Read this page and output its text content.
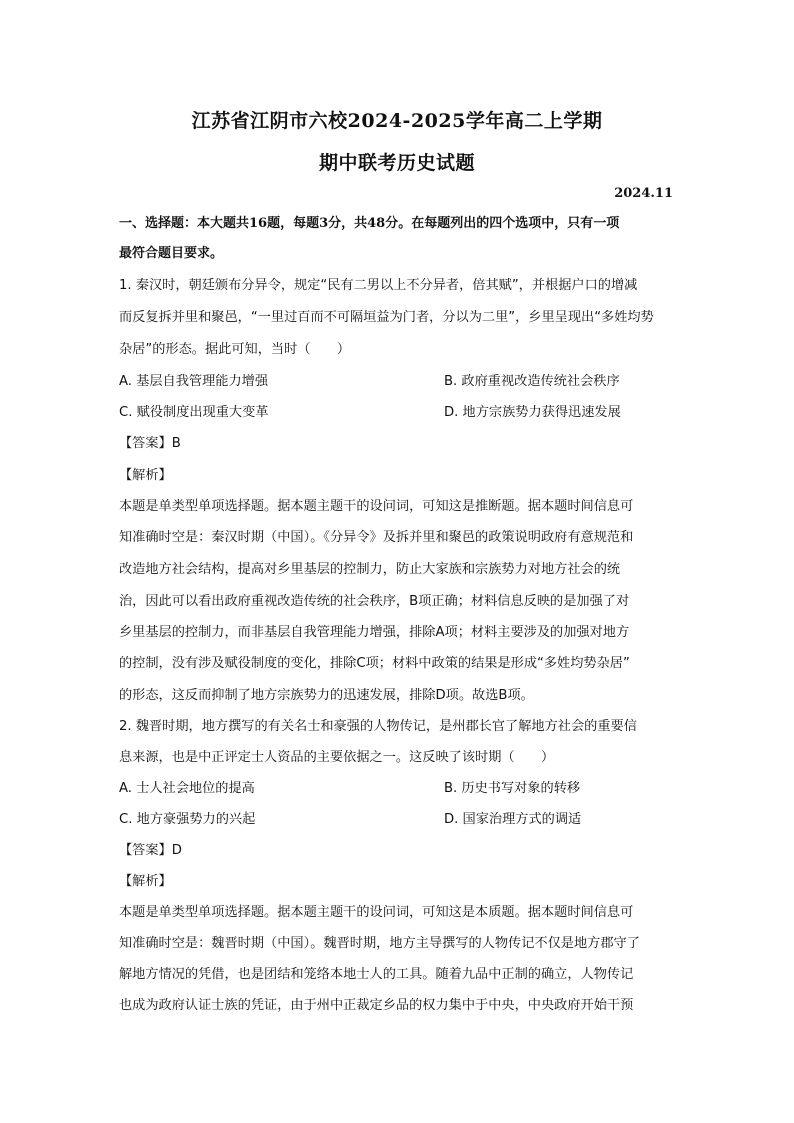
江苏省江阴市六校2024-2025学年高二上学期
期中联考历史试题
2024.11
一、选择题：本大题共16题，每题3分，共48分。在每题列出的四个选项中，只有一项
最符合题目要求。
1. 秦汉时，朝廷颁布分异令，规定“民有二男以上不分异者，倍其赋”，并根据户口的增减
而反复拆并里和聚邑，“一里过百而不可隔垣益为门者，分以为二里”，乡里呈现出“多姓均势
杂居”的形态。据此可知，当时（　　）
A. 基层自我管理能力增强	B. 政府重视改造传统社会秩序
C. 赋役制度出现重大变革	D. 地方宗族势力获得迅速发展
【答案】B
【解析】
本题是单类型单项选择题。据本题主题干的设问词，可知这是推断题。据本题时间信息可
知准确时空是：秦汉时期（中国）。《分异令》及拆并里和聚邑的政策说明政府有意规范和
改造地方社会结构，提高对乡里基层的控制力，防止大家族和宗族势力对地方社会的统
治，因此可以看出政府重视改造传统的社会秩序，B项正确；材料信息反映的是加强了对
乡里基层的控制力，而非基层自我管理能力增强，排除A项；材料主要涉及的加强对地方
的控制，没有涉及赋役制度的变化，排除C项；材料中政策的结果是形成“多姓均势杂居”
的形态，这反而抑制了地方宗族势力的迅速发展，排除D项。故选B项。
2. 魏晋时期，地方撰写的有关名士和豪强的人物传记，是州郡长官了解地方社会的重要信
息来源，也是中正评定士人资品的主要依据之一。这反映了该时期（　　）
A. 士人社会地位的提高	B. 历史书写对象的转移
C. 地方豪强势力的兴起	D. 国家治理方式的调适
【答案】D
【解析】
本题是单类型单项选择题。据本题主题干的设问词，可知这是本质题。据本题时间信息可
知准确时空是：魏晋时期（中国）。魏晋时期，地方主导撰写的人物传记不仅是地方郡守了
解地方情况的凭借，也是团结和笼络本地士人的工具。随着九品中正制的确立，人物传记
也成为政府认证士族的凭证，由于州中正裁定乡品的权力集中于中央，中央政府开始干预
